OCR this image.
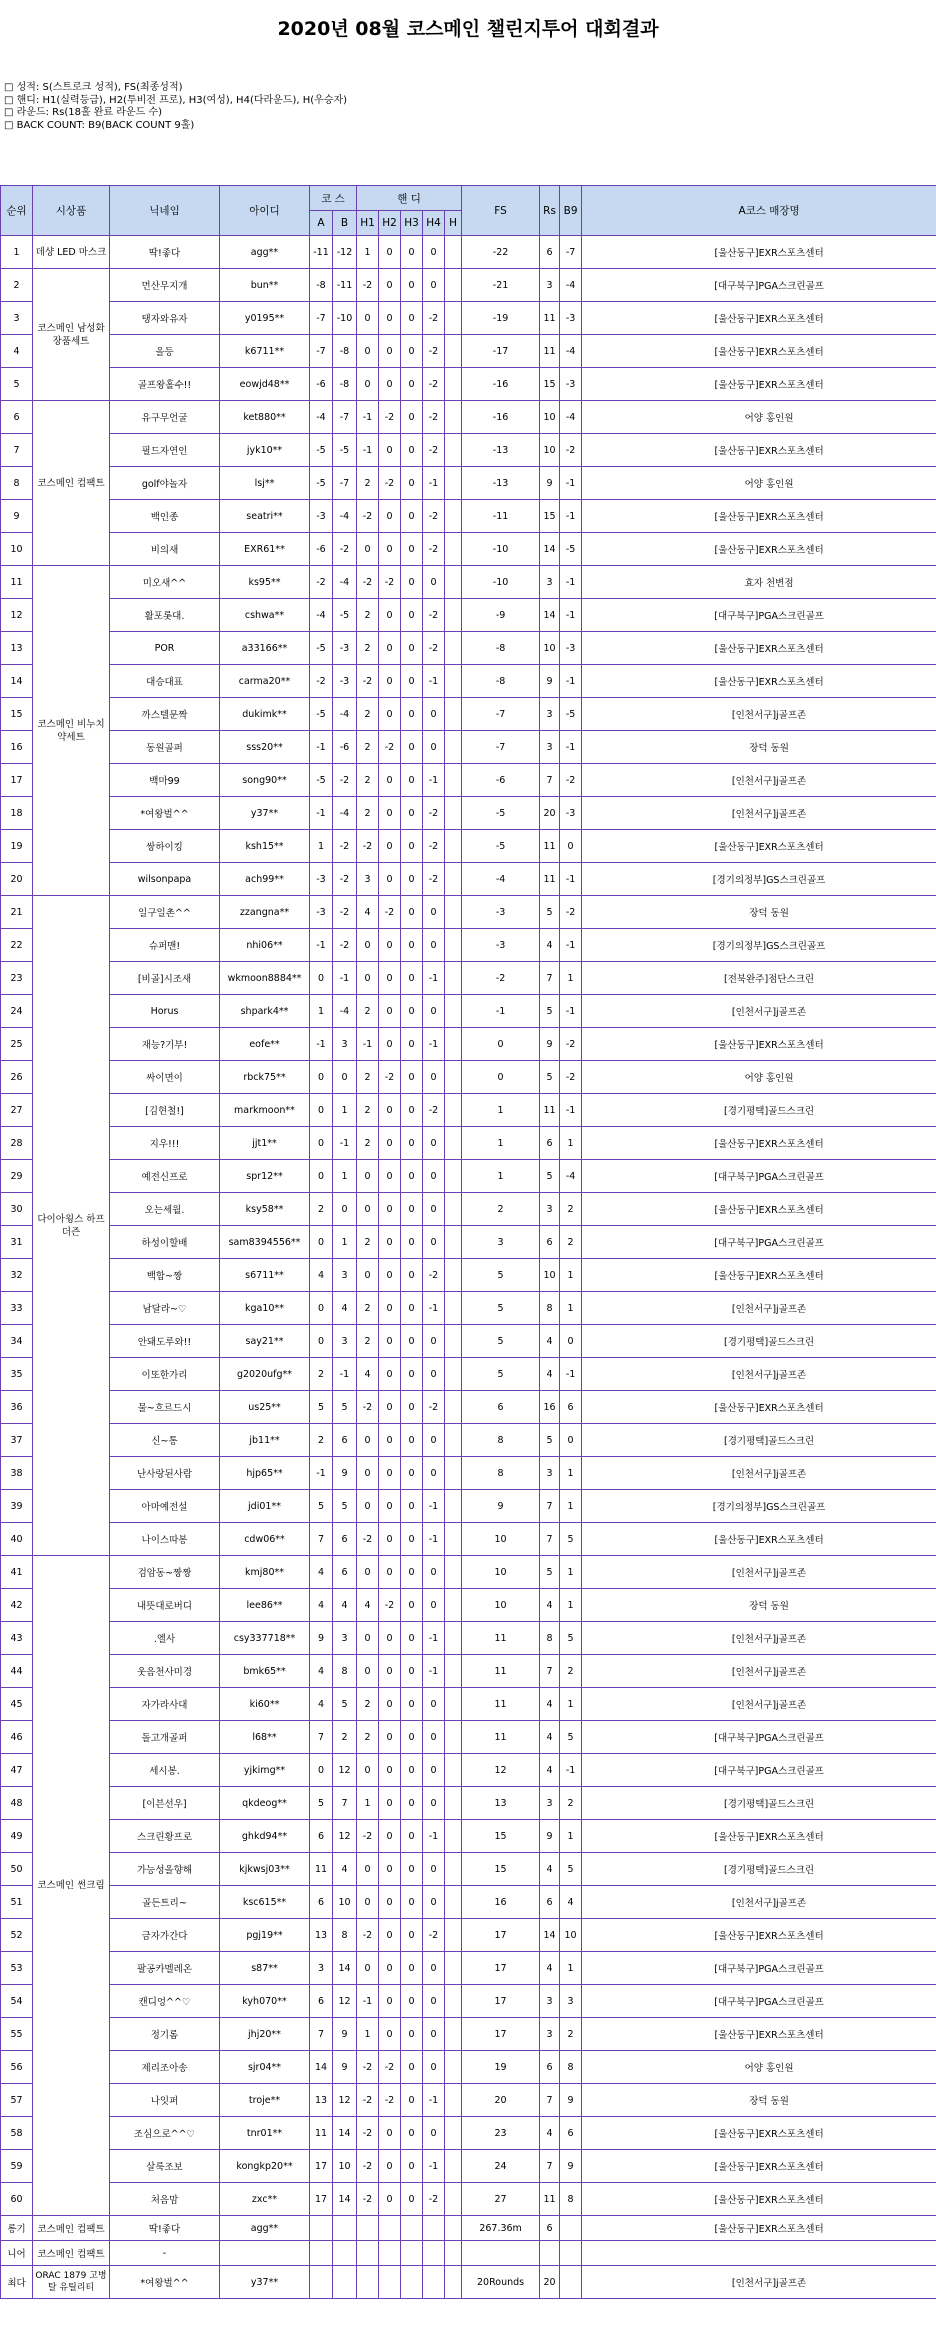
2020년 08월 코스메인 챌린지투어 대회결과
□ 성적: S(스트로크 성적), FS(최종성적)
□ 핸디: H1(실력등급), H2(투비전 프로), H3(여성), H4(다라운드), H(우승자)
□ 라운드: Rs(18홀 완료 라운드 수)
□ BACK COUNT: B9(BACK COUNT 9홀)
순위	시상품	닉네임	아이디	코 스		핸 디					FS	Rs	B9	A코스 매장명
				A	B	H1	H2	H3	H4	H				
1	데샹 LED 마스크	딱!좋다	agg**	-11	-12	1	0	0	0		-22	6	-7	[울산동구]EXR스포츠센터
2	코스메인 남성화장품세트	먼산무지개	bun**	-8	-11	-2	0	0	0		-21	3	-4	[대구북구]PGA스크린골프
3		탱자와유자	y0195**	-7	-10	0	0	0	-2		-19	11	-3	[울산동구]EXR스포츠센터
4		올등	k6711**	-7	-8	0	0	0	-2		-17	11	-4	[울산동구]EXR스포츠센터
5		골프왕홀수!!	eowjd48**	-6	-8	0	0	0	-2		-16	15	-3	[울산동구]EXR스포츠센터
6	코스메인 컴팩트	유구무언굴	ket880**	-4	-7	-1	-2	0	-2		-16	10	-4	어양 홍인원
7		필드자연인	jyk10**	-5	-5	-1	0	0	-2		-13	10	-2	[울산동구]EXR스포츠센터
8		golf야놀자	lsj**	-5	-7	2	-2	0	-1		-13	9	-1	어양 홍인원
9		백인종	seatri**	-3	-4	-2	0	0	-2		-11	15	-1	[울산동구]EXR스포츠센터
10		비의새	EXR61**	-6	-2	0	0	0	-2		-10	14	-5	[울산동구]EXR스포츠센터
11	코스메인 비누치약세트	미오새^^	ks95**	-2	-4	-2	-2	0	0		-10	3	-1	효자 천변점
12		활포롯대.	cshwa**	-4	-5	2	0	0	-2		-9	14	-1	[대구북구]PGA스크린골프
13		POR	a33166**	-5	-3	2	0	0	-2		-8	10	-3	[울산동구]EXR스포츠센터
14		대승대표	carma20**	-2	-3	-2	0	0	-1		-8	9	-1	[울산동구]EXR스포츠센터
15		까스텔문짝	dukimk**	-5	-4	2	0	0	0		-7	3	-5	[인천서구]j골프존
16		동원골퍼	sss20**	-1	-6	2	-2	0	0		-7	3	-1	장덕 동원
17		백마99	song90**	-5	-2	2	0	0	-1		-6	7	-2	[인천서구]j골프존
18		*여왕벌^^	y37**	-1	-4	2	0	0	-2		-5	20	-3	[인천서구]j골프존
19		쌍하이킹	ksh15**	1	-2	-2	0	0	-2		-5	11	0	[울산동구]EXR스포츠센터
20		wilsonpapa	ach99**	-3	-2	3	0	0	-2		-4	11	-1	[경기의정부]GS스크린골프
21	다이아윙스 하프더즌	일구일촌^^	zzangna**	-3	-2	4	-2	0	0		-3	5	-2	장덕 동원
22		슈퍼맨!	nhi06**	-1	-2	0	0	0	0		-3	4	-1	[경기의정부]GS스크린골프
23		[비골]시조새	wkmoon8884**	0	-1	0	0	0	-1		-2	7	1	[전북완주]점단스크린
24		Horus	shpark4**	1	-4	2	0	0	0		-1	5	-1	[인천서구]j골프존
25		재능?기부!	eofe**	-1	3	-1	0	0	-1		0	9	-2	[울산동구]EXR스포츠센터
26		싸이면이	rbck75**	0	0	2	-2	0	0		0	5	-2	어양 홍인원
27		[김현철!]	markmoon**	0	1	2	0	0	-2		1	11	-1	[경기평택]골드스크린
28		지우!!!	jjt1**	0	-1	2	0	0	0		1	6	1	[울산동구]EXR스포츠센터
29		예전신프로	spr12**	0	1	0	0	0	0		1	5	-4	[대구북구]PGA스크린골프
30		오는세월.	ksy58**	2	0	0	0	0	0		2	3	2	[울산동구]EXR스포츠센터
31		하성이할배	sam8394556**	0	1	2	0	0	0		3	6	2	[대구북구]PGA스크린골프
32		백합~짱	s6711**	4	3	0	0	0	-2		5	10	1	[울산동구]EXR스포츠센터
33		남달라~♡	kga10**	0	4	2	0	0	-1		5	8	1	[인천서구]j골프존
34		안돼도루와!!	say21**	0	3	2	0	0	0		5	4	0	[경기평택]골드스크린
35		이또한가리	g2020ufg**	2	-1	4	0	0	0		5	4	-1	[인천서구]j골프존
36		물~흐르드시	us25**	5	5	-2	0	0	-2		6	16	6	[울산동구]EXR스포츠센터
37		신~통	jb11**	2	6	0	0	0	0		8	5	0	[경기평택]골드스크린
38		난사랑된사람	hjp65**	-1	9	0	0	0	0		8	3	1	[인천서구]j골프존
39		아마예전설	jdi01**	5	5	0	0	0	-1		9	7	1	[경기의정부]GS스크린골프
40		나이스따봉	cdw06**	7	6	-2	0	0	-1		10	7	5	[울산동구]EXR스포츠센터
41	코스메인 썬크림	검암동~짱짱	kmj80**	4	6	0	0	0	0		10	5	1	[인천서구]j골프존
42		내뜻대로버디	lee86**	4	4	4	-2	0	0		10	4	1	장덕 동원
43		.엘사	csy337718**	9	3	0	0	0	-1		11	8	5	[인천서구]j골프존
44		웃음천사미경	bmk65**	4	8	0	0	0	-1		11	7	2	[인천서구]j골프존
45		자가라사대	ki60**	4	5	2	0	0	0		11	4	1	[인천서구]j골프존
46		돌고개골퍼	l68**	7	2	2	0	0	0		11	4	5	[대구북구]PGA스크린골프
47		세시봉.	yjkimg**	0	12	0	0	0	0		12	4	-1	[대구북구]PGA스크린골프
48		[이븐선우]	qkdeog**	5	7	1	0	0	0		13	3	2	[경기평택]골드스크린
49		스크린황프로	ghkd94**	6	12	-2	0	0	-1		15	9	1	[울산동구]EXR스포츠센터
50		가능성올향해	kjkwsj03**	11	4	0	0	0	0		15	4	5	[경기평택]골드스크린
51		골든트리~	ksc615**	6	10	0	0	0	0		16	6	4	[인천서구]j골프존
52		금자가간다	pgj19**	13	8	-2	0	0	-2		17	14	10	[울산동구]EXR스포츠센터
53		팔공카멜레온	s87**	3	14	0	0	0	0		17	4	1	[대구북구]PGA스크린골프
54		캔디엉^^♡	kyh070**	6	12	-1	0	0	0		17	3	3	[대구북구]PGA스크린골프
55		정기롬	jhj20**	7	9	1	0	0	0		17	3	2	[울산동구]EXR스포츠센터
56		제리조아송	sjr04**	14	9	-2	-2	0	0		19	6	8	어양 홍인원
57		나잇퍼	troje**	13	12	-2	-2	0	-1		20	7	9	장덕 동원
58		조심으로^^♡	tnr01**	11	14	-2	0	0	0		23	4	6	[울산동구]EXR스포츠센터
59		살룩조보	kongkp20**	17	10	-2	0	0	-1		24	7	9	[울산동구]EXR스포츠센터
60		처음맘	zxc**	17	14	-2	0	0	-2		27	11	8	[울산동구]EXR스포츠센터
롱기	코스메인 컴팩트	딱!좋다	agg**								267.36m	6		[울산동구]EXR스포츠센터
니어	코스메인 컴팩트	-												
최다	ORAC 1879 고병탈 유틸리티	*여왕벌^^	y37**								20Rounds	20		[인천서구]j골프존
